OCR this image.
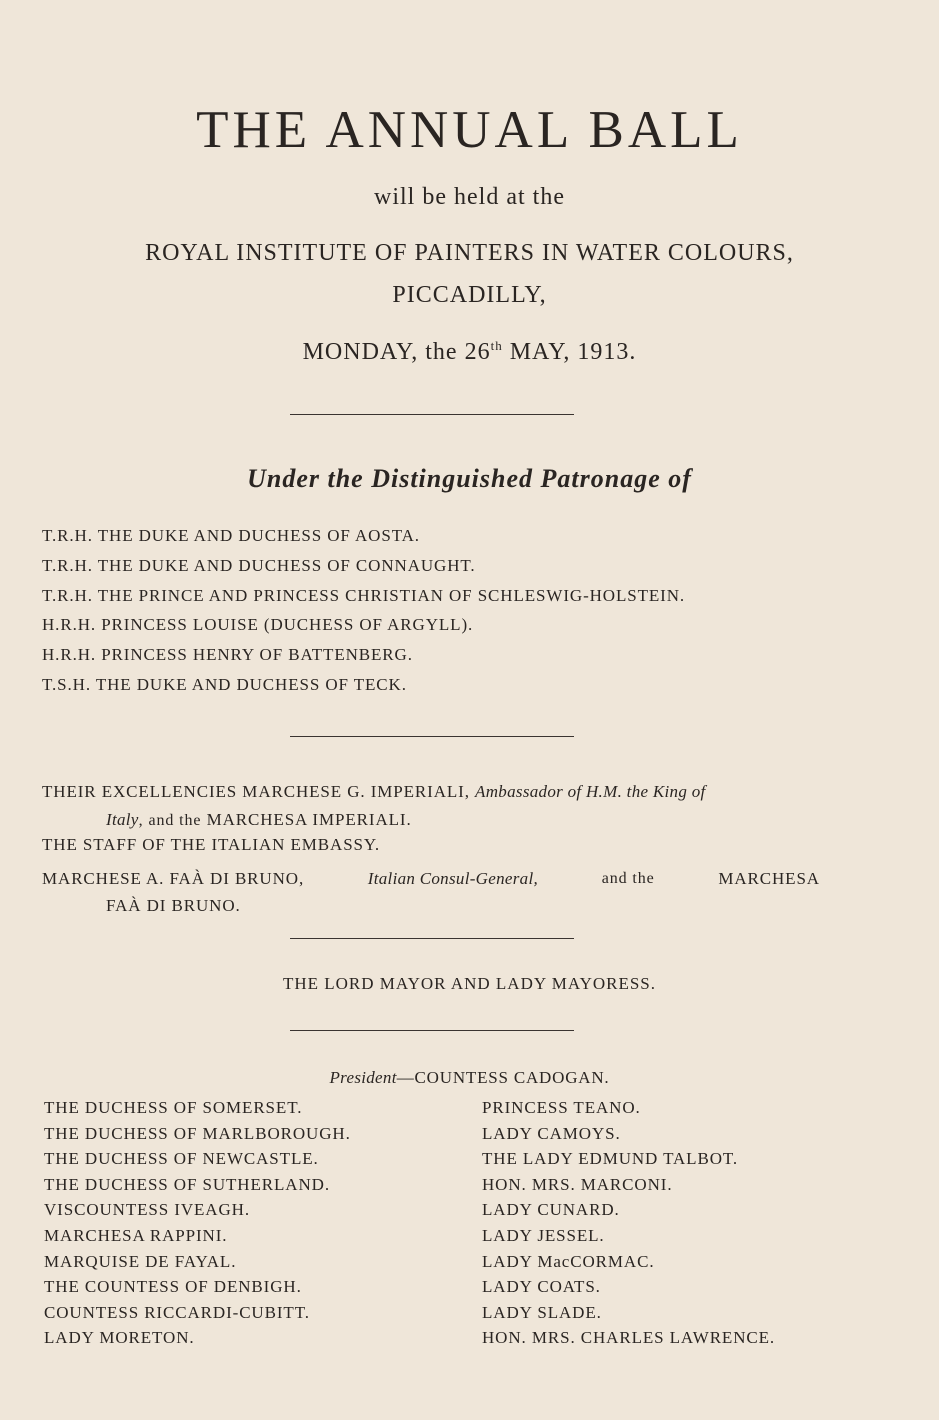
THE ANNUAL BALL
will be held at the
ROYAL INSTITUTE OF PAINTERS IN WATER COLOURS,
PICCADILLY,
MONDAY, the 26th MAY, 1913.
Under the Distinguished Patronage of
T.R.H. THE DUKE AND DUCHESS OF AOSTA.
T.R.H. THE DUKE AND DUCHESS OF CONNAUGHT.
T.R.H. THE PRINCE AND PRINCESS CHRISTIAN OF SCHLESWIG-HOLSTEIN.
H.R.H. PRINCESS LOUISE (DUCHESS OF ARGYLL).
H.R.H. PRINCESS HENRY OF BATTENBERG.
T.S.H. THE DUKE AND DUCHESS OF TECK.
THEIR EXCELLENCIES MARCHESE G. IMPERIALI, Ambassador of H.M. the King of
Italy, and the MARCHESA IMPERIALI.
THE STAFF OF THE ITALIAN EMBASSY.
MARCHESE A. FAÀ DI BRUNO,	Italian Consul-General,	and the	MARCHESA
FAÀ DI BRUNO.
THE LORD MAYOR AND LADY MAYORESS.
President—COUNTESS CADOGAN.
THE DUCHESS OF SOMERSET.
THE DUCHESS OF MARLBOROUGH.
THE DUCHESS OF NEWCASTLE.
THE DUCHESS OF SUTHERLAND.
VISCOUNTESS IVEAGH.
MARCHESA RAPPINI.
MARQUISE DE FAYAL.
THE COUNTESS OF DENBIGH.
COUNTESS RICCARDI-CUBITT.
LADY MORETON.
PRINCESS TEANO.
LADY CAMOYS.
THE LADY EDMUND TALBOT.
HON. MRS. MARCONI.
LADY CUNARD.
LADY JESSEL.
LADY MacCORMAC.
LADY COATS.
LADY SLADE.
HON. MRS. CHARLES LAWRENCE.
